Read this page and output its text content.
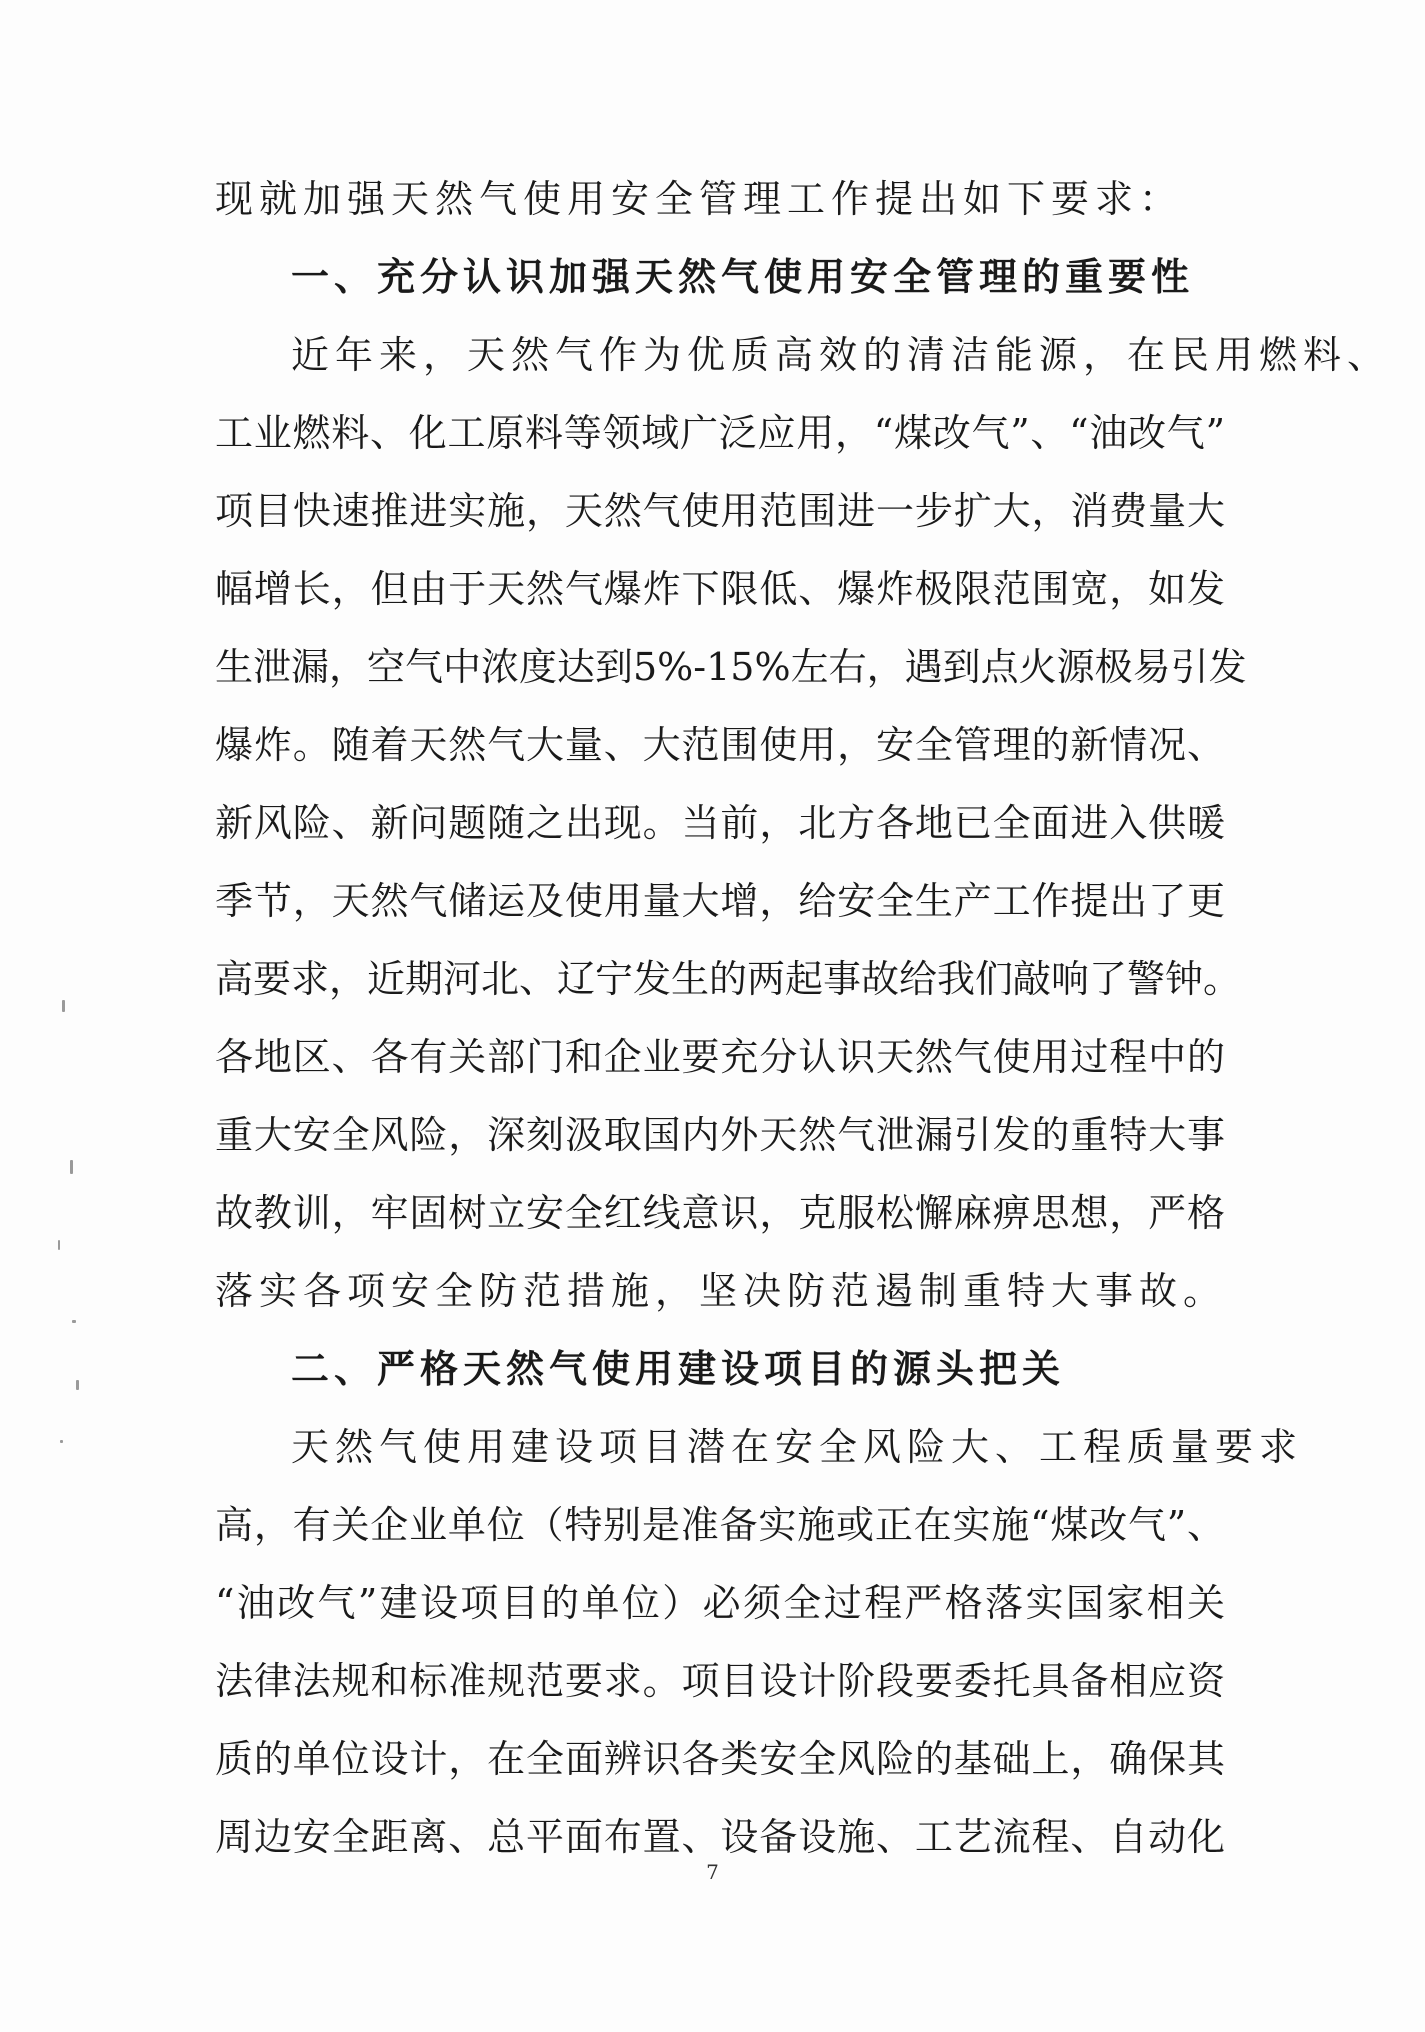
现就加强天然气使用安全管理工作提出如下要求：
一、充分认识加强天然气使用安全管理的重要性
近年来，天然气作为优质高效的清洁能源，在民用燃料、
工业燃料、化工原料等领域广泛应用，“煤改气”、“油改气”
项目快速推进实施，天然气使用范围进一步扩大，消费量大
幅增长，但由于天然气爆炸下限低、爆炸极限范围宽，如发
生泄漏，空气中浓度达到5%-15%左右，遇到点火源极易引发
爆炸。随着天然气大量、大范围使用，安全管理的新情况、
新风险、新问题随之出现。当前，北方各地已全面进入供暖
季节，天然气储运及使用量大增，给安全生产工作提出了更
高要求，近期河北、辽宁发生的两起事故给我们敲响了警钟。
各地区、各有关部门和企业要充分认识天然气使用过程中的
重大安全风险，深刻汲取国内外天然气泄漏引发的重特大事
故教训，牢固树立安全红线意识，克服松懈麻痹思想，严格
落实各项安全防范措施，坚决防范遏制重特大事故。
二、严格天然气使用建设项目的源头把关
天然气使用建设项目潜在安全风险大、工程质量要求
高，有关企业单位（特别是准备实施或正在实施“煤改气”、
“油改气”建设项目的单位）必须全过程严格落实国家相关
法律法规和标准规范要求。项目设计阶段要委托具备相应资
质的单位设计，在全面辨识各类安全风险的基础上，确保其
周边安全距离、总平面布置、设备设施、工艺流程、自动化
7
